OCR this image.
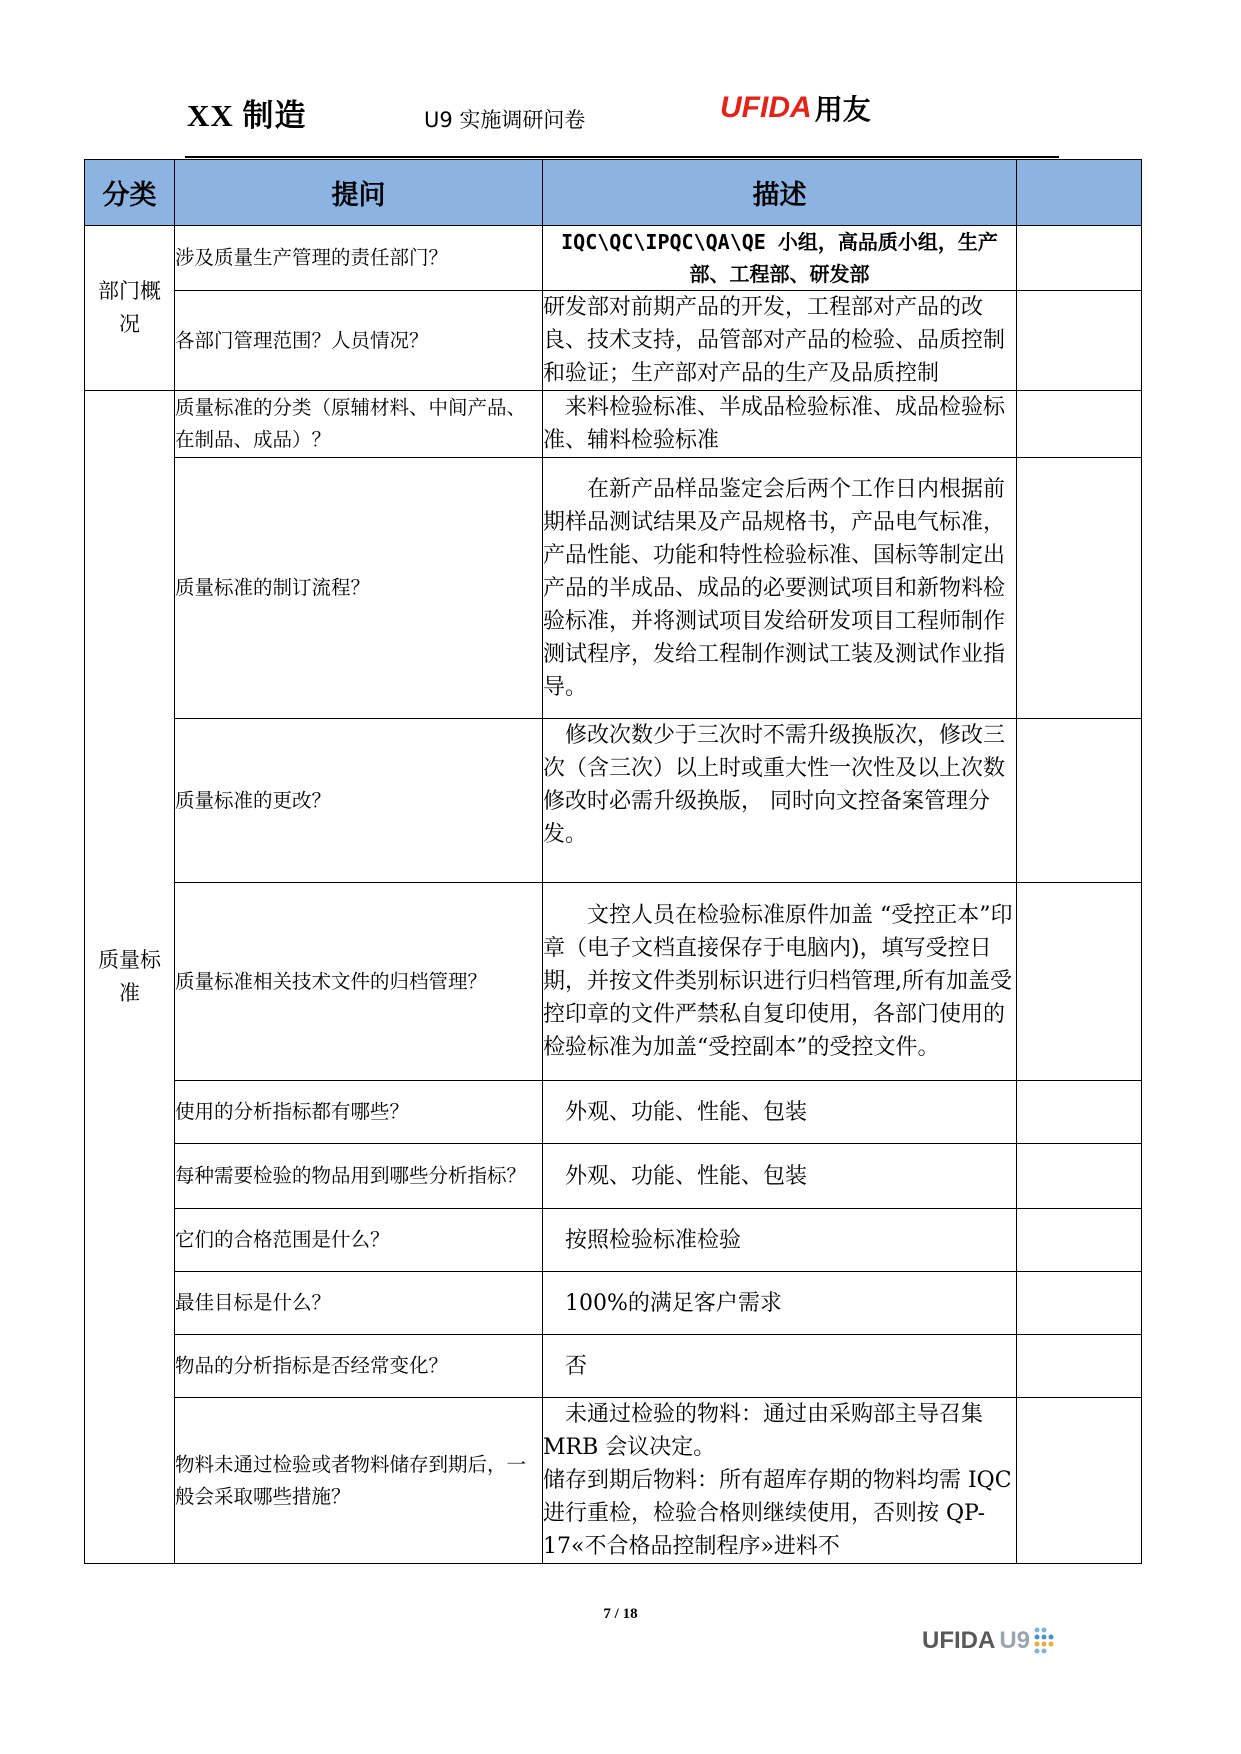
XX 制造	U9 实施调研问卷	UFIDA 用友
分类	提问	描述	
部门概况	涉及质量生产管理的责任部门？	IQC\QC\IPQC\QA\QE 小组，高品质小组，生产部、工程部、研发部	
	各部门管理范围？人员情况？	研发部对前期产品的开发，工程部对产品的改良、技术支持，品管部对产品的检验、品质控制和验证；生产部对产品的生产及品质控制	
质量标准	质量标准的分类（原辅材料、中间产品、在制品、成品）？	来料检验标准、半成品检验标准、成品检验标准、辅料检验标准	
	质量标准的制订流程？	在新产品样品鉴定会后两个工作日内根据前期样品测试结果及产品规格书，产品电气标准，产品性能、功能和特性检验标准、国标等制定出产品的半成品、成品的必要测试项目和新物料检验标准，并将测试项目发给研发项目工程师制作测试程序，发给工程制作测试工装及测试作业指导。	
	质量标准的更改？	修改次数少于三次时不需升级换版次，修改三次（含三次）以上时或重大性一次性及以上次数修改时必需升级换版， 同时向文控备案管理分发。	
	质量标准相关技术文件的归档管理？	文控人员在检验标准原件加盖 “受控正本”印章（电子文档直接保存于电脑内)，填写受控日期，并按文件类别标识进行归档管理,所有加盖受控印章的文件严禁私自复印使用，各部门使用的检验标准为加盖“受控副本”的受控文件。	
	使用的分析指标都有哪些？	外观、功能、性能、包装	
	每种需要检验的物品用到哪些分析指标？	外观、功能、性能、包装	
	它们的合格范围是什么？	按照检验标准检验	
	最佳目标是什么？	100%的满足客户需求	
	物品的分析指标是否经常变化？	否	
	物料未通过检验或者物料储存到期后，一般会采取哪些措施？	未通过检验的物料：通过由采购部主导召集 MRB 会议决定。
储存到期后物料：所有超库存期的物料均需 IQC 进行重检，检验合格则继续使用，否则按 QP-17«不合格品控制程序»进料不	

7 / 18
UFIDA U9
